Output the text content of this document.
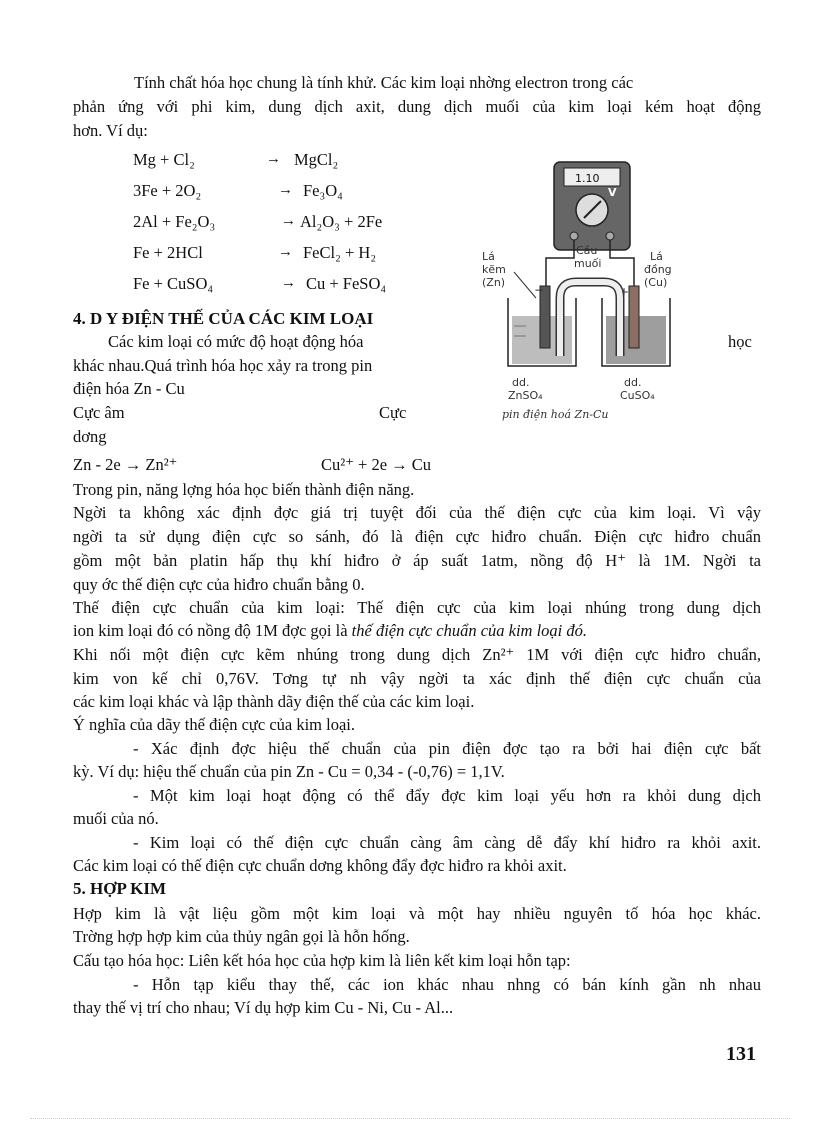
Tính chất hóa học chung là tính khử. Các kim loại nhờng electron trong các
phản ứng với phi kim, dung dịch axit, dung dịch muối của kim loại kém hoạt động
hơn. Ví dụ:
Mg + Cl₂	→ MgCl₂
3Fe + 2O₂	→ Fe₃O₄
2Al + Fe₂O₃	→ Al₂O₃ + 2Fe
Fe + 2HCl	→ FeCl₂ + H₂
Fe + CuSO₄	→ Cu + FeSO₄
4. D Y ĐIỆN THẾ CỦA CÁC KIM LOẠI
Các kim loại có mức độ hoạt động hóa	học
khác nhau.Quá trình hóa học xảy ra trong pin
điện hóa Zn - Cu
Cực âm	Cực
dơng
Zn - 2e → Zn²⁺	Cu²⁺ + 2e → Cu
Trong pin, năng lợng hóa học biến thành điện năng.
Ngời ta không xác định đợc giá trị tuyệt đối của thế điện cực của kim loại. Vì vậy
ngời ta sử dụng điện cực so sánh, đó là điện cực hiđro chuẩn. Điện cực hiđro chuẩn
gồm một bản platin hấp thụ khí hiđro ở áp suất 1atm, nồng độ H⁺ là 1M. Ngời ta
quy ớc thế điện cực của hiđro chuẩn bằng 0.
Thế điện cực chuẩn của kim loại: Thế điện cực của kim loại nhúng trong dung dịch
ion kim loại đó có nồng độ 1M đợc gọi là thế điện cực chuẩn của kim loại đó.
Khi nối một điện cực kẽm nhúng trong dung dịch Zn²⁺ 1M với điện cực hiđro chuẩn,
kim von kế chỉ 0,76V. Tơng tự nh vậy ngời ta xác định thế điện cực chuẩn của
các kim loại khác và lập thành dãy điện thế của các kim loại.
Ý nghĩa của dãy thế điện cực của kim loại.
- Xác định đợc hiệu thế chuẩn của pin điện đợc tạo ra bởi hai điện cực bất
kỳ. Ví dụ: hiệu thế chuẩn của pin Zn - Cu = 0,34 - (-0,76) = 1,1V.
- Một kim loại hoạt động có thể đẩy đợc kim loại yếu hơn ra khỏi dung dịch
muối của nó.
- Kim loại có thế điện cực chuẩn càng âm càng dễ đẩy khí hiđro ra khỏi axit.
Các kim loại có thế điện cực chuẩn dơng không đẩy đợc hiđro ra khỏi axit.
5. HỢP KIM
Hợp kim là vật liệu gồm một kim loại và một hay nhiều nguyên tố hóa học khác.
Trờng hợp hợp kim của thủy ngân gọi là hỗn hống.
Cấu tạo hóa học: Liên kết hóa học của hợp kim là liên kết kim loại hỗn tạp:
- Hỗn tạp kiểu thay thế, các ion khác nhau nhng có bán kính gần nh nhau
thay thế vị trí cho nhau; Ví dụ hợp kim Cu - Ni, Cu - Al...
1.10
V
−	+
Lá
kẽm
(Zn)
Cầu
muối
Lá
đồng
(Cu)
dd.
ZnSO₄
dd.
CuSO₄
pin điện hoá Zn-Cu
131
